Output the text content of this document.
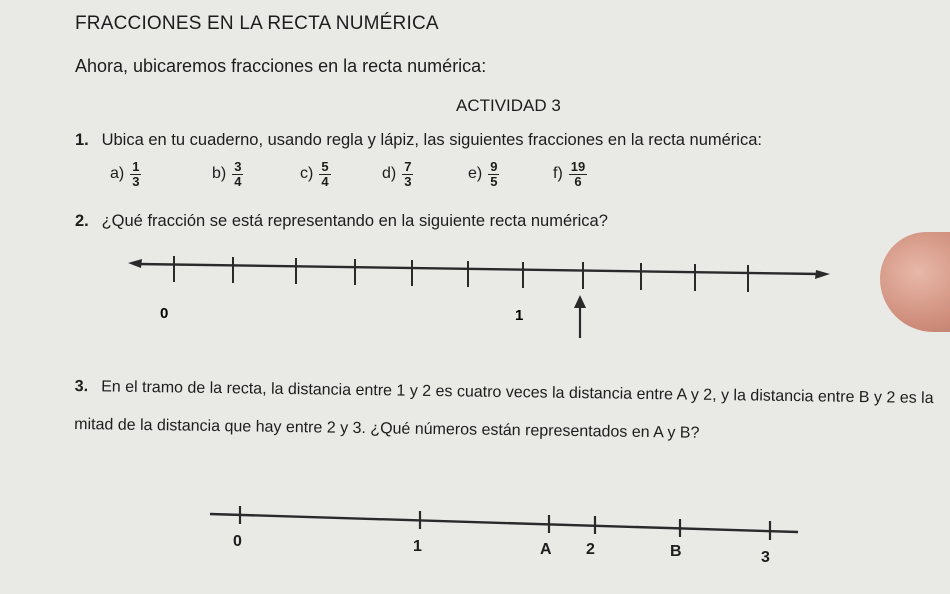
FRACCIONES EN LA RECTA NUMÉRICA
Ahora, ubicaremos fracciones en la recta numérica:
ACTIVIDAD 3
1. Ubica en tu cuaderno, usando regla y lápiz, las siguientes fracciones en la recta numérica:
$a) \frac{1}{3}$	$b) \frac{3}{4}$	$c) \frac{5}{4}$	$d) \frac{7}{3}$	$e) \frac{9}{5}$	$f) \frac{19}{6}$
2. ¿Qué fracción se está representando en la siguiente recta numérica?
0	1
3. En el tramo de la recta, la distancia entre 1 y 2 es cuatro veces la distancia entre A y 2, y la distancia entre B y 2 es la mitad de la distancia que hay entre 2 y 3. ¿Qué números están representados en A y B?
0	1	A 2	B	3
